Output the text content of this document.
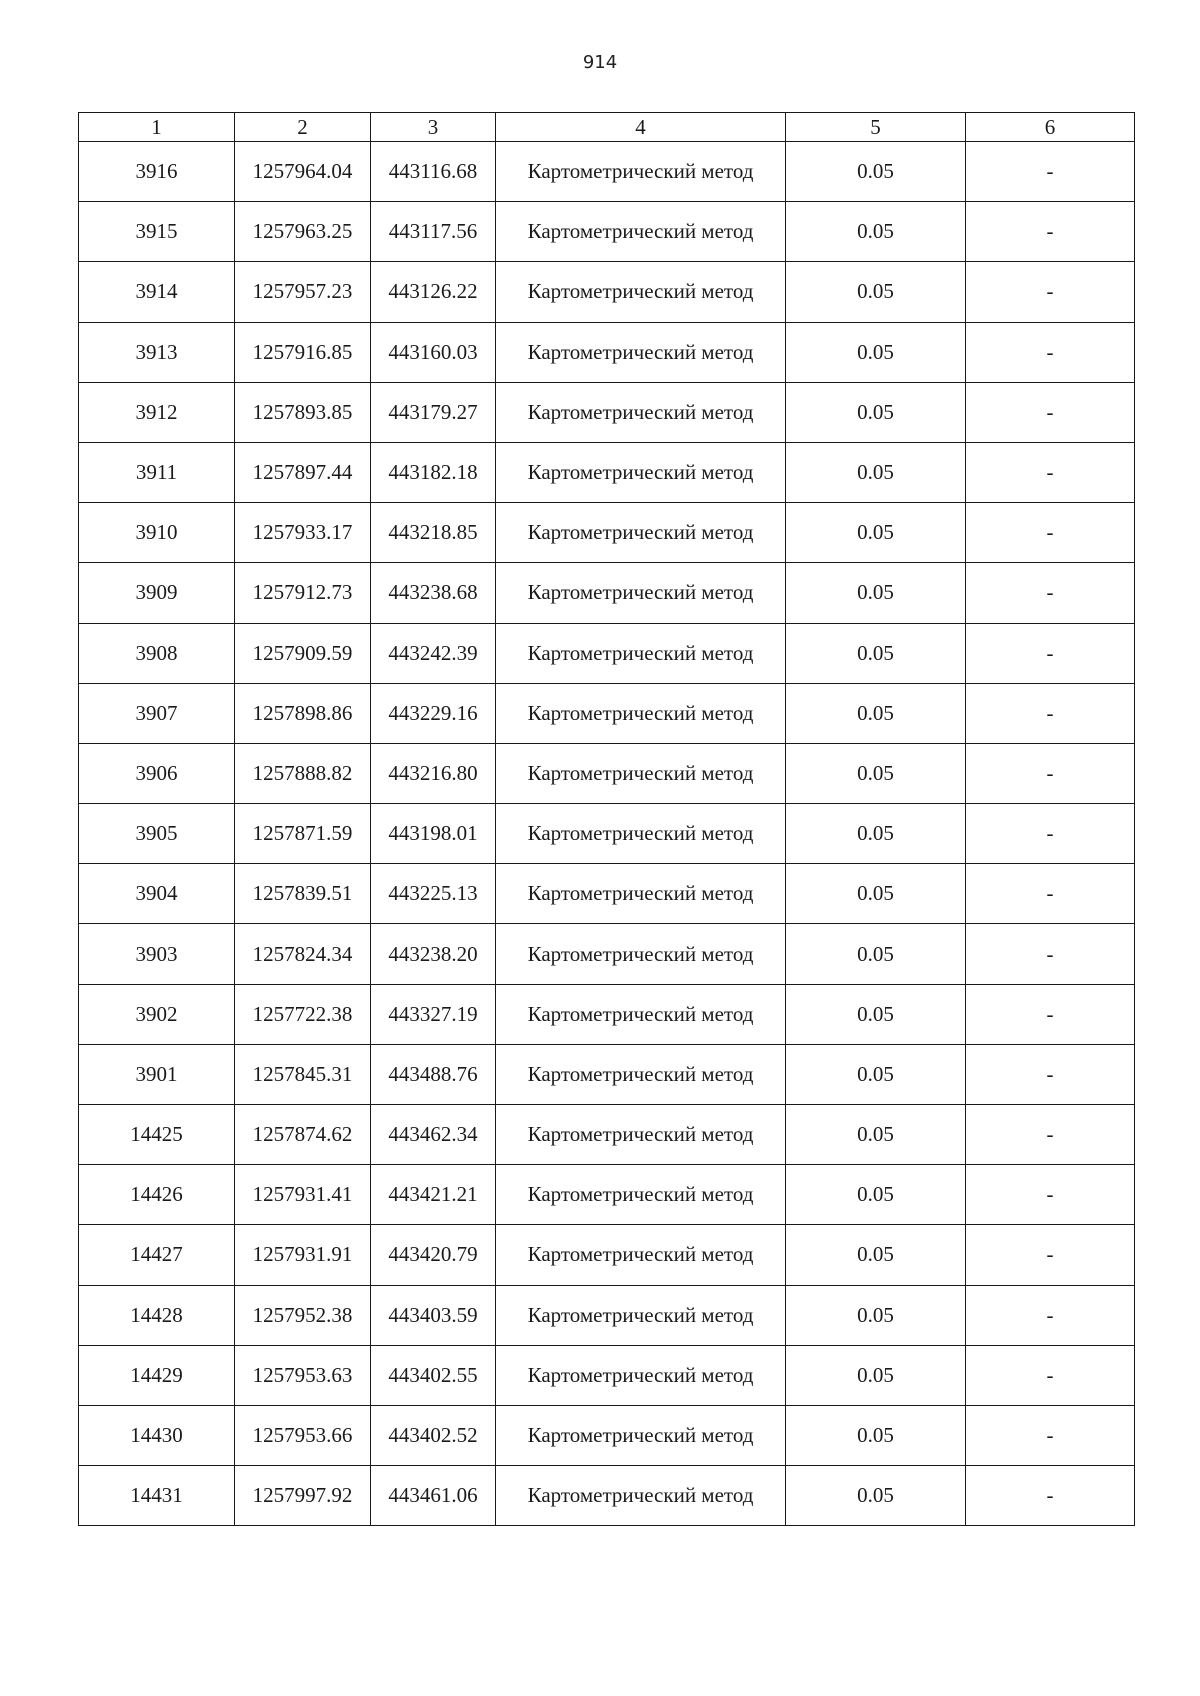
914
1	2	3	4	5	6
3916	1257964.04	443116.68	Картометрический метод	0.05	-
3915	1257963.25	443117.56	Картометрический метод	0.05	-
3914	1257957.23	443126.22	Картометрический метод	0.05	-
3913	1257916.85	443160.03	Картометрический метод	0.05	-
3912	1257893.85	443179.27	Картометрический метод	0.05	-
3911	1257897.44	443182.18	Картометрический метод	0.05	-
3910	1257933.17	443218.85	Картометрический метод	0.05	-
3909	1257912.73	443238.68	Картометрический метод	0.05	-
3908	1257909.59	443242.39	Картометрический метод	0.05	-
3907	1257898.86	443229.16	Картометрический метод	0.05	-
3906	1257888.82	443216.80	Картометрический метод	0.05	-
3905	1257871.59	443198.01	Картометрический метод	0.05	-
3904	1257839.51	443225.13	Картометрический метод	0.05	-
3903	1257824.34	443238.20	Картометрический метод	0.05	-
3902	1257722.38	443327.19	Картометрический метод	0.05	-
3901	1257845.31	443488.76	Картометрический метод	0.05	-
14425	1257874.62	443462.34	Картометрический метод	0.05	-
14426	1257931.41	443421.21	Картометрический метод	0.05	-
14427	1257931.91	443420.79	Картометрический метод	0.05	-
14428	1257952.38	443403.59	Картометрический метод	0.05	-
14429	1257953.63	443402.55	Картометрический метод	0.05	-
14430	1257953.66	443402.52	Картометрический метод	0.05	-
14431	1257997.92	443461.06	Картометрический метод	0.05	-
